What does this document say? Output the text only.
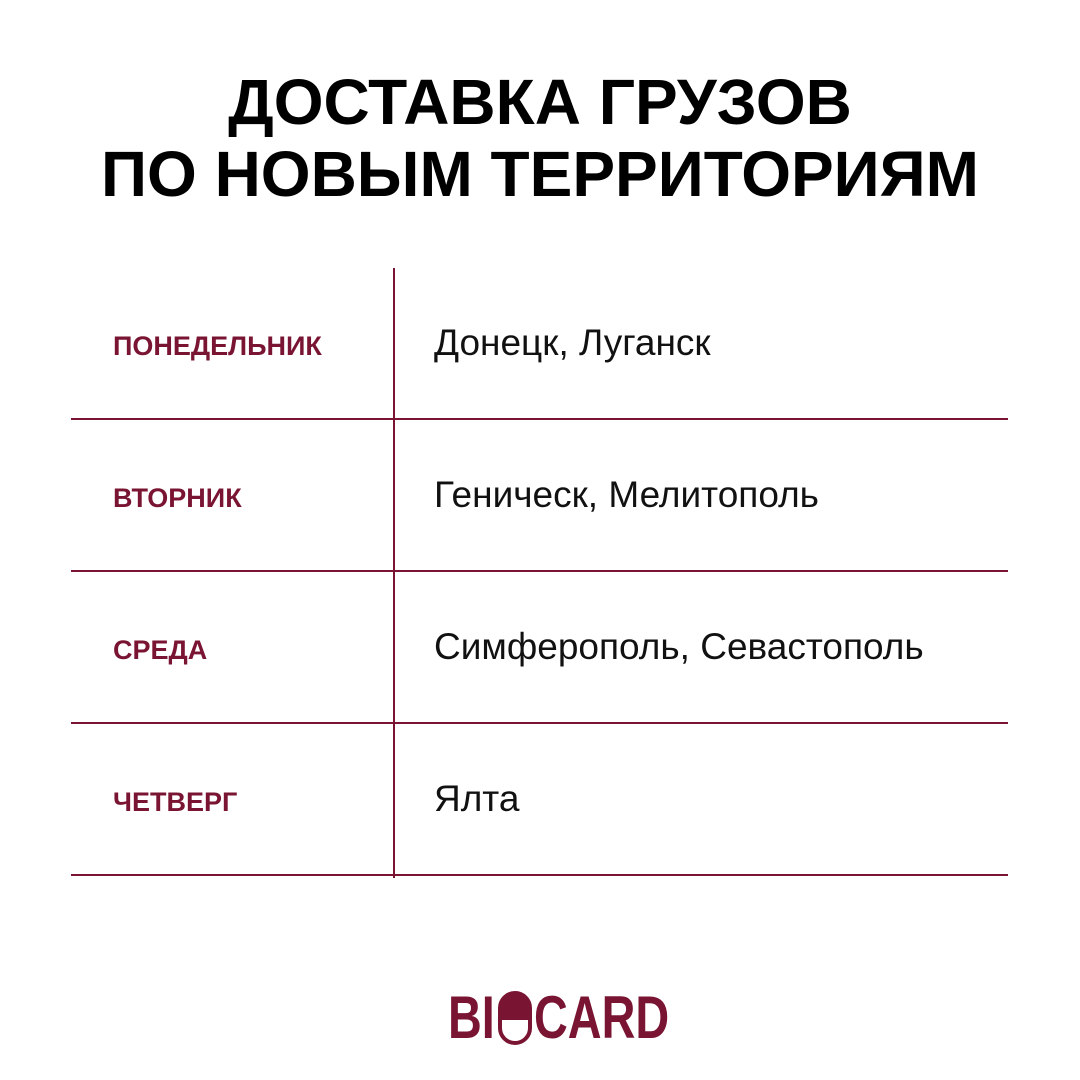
ДОСТАВКА ГРУЗОВ
ПО НОВЫМ ТЕРРИТОРИЯМ
ПОНЕДЕЛЬНИК	Донецк, Луганск
ВТОРНИК	Геническ, Мелитополь
СРЕДА	Симферополь, Севастополь
ЧЕТВЕРГ	Ялта
BI CARD
